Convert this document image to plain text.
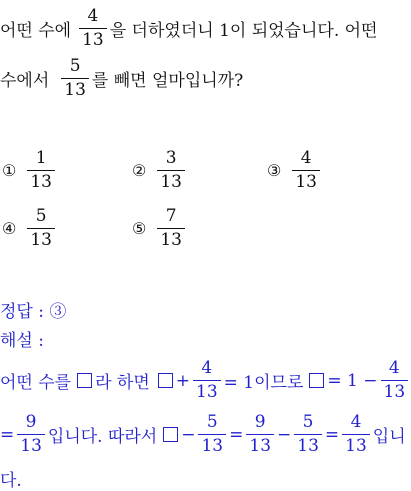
어떤 수에 $\frac{4}{13}$ 을 더하였더니 1이 되었습니다. 어떤
수에서 $\frac{5}{13}$ 를 빼면 얼마입니까?
① $\frac{1}{13}$	② $\frac{3}{13}$	③ $\frac{4}{13}$
④ $\frac{5}{13}$	⑤ $\frac{7}{13}$
정답 : ③
해설 :
어떤 수를 라 하면 + $\frac{4}{13} = 1$이므로 = $1 - \frac{4}{13}$
= $\frac{9}{13}$ 입니다. 따라서 − $\frac{5}{13} = \frac{9}{13} - \frac{5}{13} = \frac{4}{13}$ 입니
다.
